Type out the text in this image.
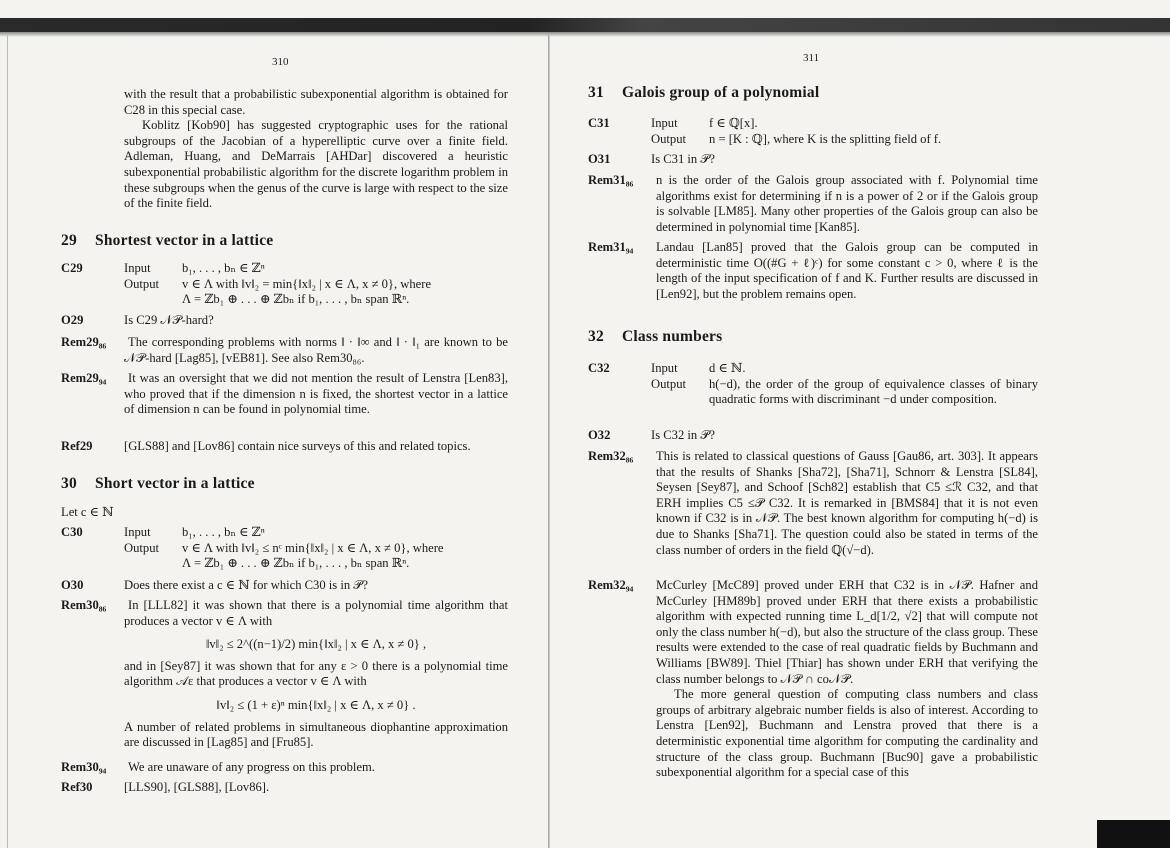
310
with the result that a probabilistic subexponential algorithm is obtained for C28 in this special case.
Koblitz [Kob90] has suggested cryptographic uses for the rational subgroups of the Jacobian of a hyperelliptic curve over a finite field. Adleman, Huang, and DeMarrais [AHDar] discovered a heuristic subexponential probabilistic algorithm for the discrete logarithm problem in these subgroups when the genus of the curve is large with respect to the size of the finite field.
29 Shortest vector in a lattice
C29	Input	b₁, . . . , bₙ ∈ ℤⁿ
Output	v ∈ Λ with ‖v‖₂ = min{‖x‖₂ | x ∈ Λ, x ≠ 0}, where
Λ = ℤb₁ ⊕ . . . ⊕ ℤbₙ if b₁, . . . , bₙ span ℝⁿ.
O29	Is C29 𝒩𝒫-hard?
Rem29₈₆	The corresponding problems with norms ‖ · ‖∞ and ‖ · ‖₁ are known to be 𝒩𝒫-hard [Lag85], [vEB81]. See also Rem30₈₆.
Rem29₉₄	It was an oversight that we did not mention the result of Lenstra [Len83], who proved that if the dimension n is fixed, the shortest vector in a lattice of dimension n can be found in polynomial time.
Ref29	[GLS88] and [Lov86] contain nice surveys of this and related topics.
30 Short vector in a lattice
Let c ∈ ℕ
C30	Input	b₁, . . . , bₙ ∈ ℤⁿ
Output	v ∈ Λ with ‖v‖₂ ≤ nᶜ min{‖x‖₂ | x ∈ Λ, x ≠ 0}, where
Λ = ℤb₁ ⊕ . . . ⊕ ℤbₙ if b₁, . . . , bₙ span ℝⁿ.
O30	Does there exist a c ∈ ℕ for which C30 is in 𝒫?
Rem30₈₆	In [LLL82] it was shown that there is a polynomial time algorithm that produces a vector v ∈ Λ with
‖v‖₂ ≤ 2^((n−1)/2) min{‖x‖₂ | x ∈ Λ, x ≠ 0} ,
and in [Sey87] it was shown that for any ε > 0 there is a polynomial time algorithm 𝒜ε that produces a vector v ∈ Λ with
‖v‖₂ ≤ (1 + ε)ⁿ min{‖x‖₂ | x ∈ Λ, x ≠ 0} .
A number of related problems in simultaneous diophantine approximation are discussed in [Lag85] and [Fru85].
Rem30₉₄ We are unaware of any progress on this problem.
Ref30	[LLS90], [GLS88], [Lov86].
311
31 Galois group of a polynomial
C31	Input	f ∈ ℚ[x].
Output	n = [K : ℚ], where K is the splitting field of f.
O31	Is C31 in 𝒫?
Rem31₈₆	n is the order of the Galois group associated with f. Polynomial time algorithms exist for determining if n is a power of 2 or if the Galois group is solvable [LM85]. Many other properties of the Galois group can also be determined in polynomial time [Kan85].
Rem31₉₄	Landau [Lan85] proved that the Galois group can be computed in deterministic time O((#G + ℓ)ᶜ) for some constant c > 0, where ℓ is the length of the input specification of f and K. Further results are discussed in [Len92], but the problem remains open.
32 Class numbers
C32	Input	d ∈ ℕ.
Output	h(−d), the order of the group of equivalence classes of binary quadratic forms with discriminant −d under composition.
O32	Is C32 in 𝒫?
Rem32₈₆	This is related to classical questions of Gauss [Gau86, art. 303]. It appears that the results of Shanks [Sha72], [Sha71], Schnorr & Lenstra [SL84], Seysen [Sey87], and Schoof [Sch82] establish that C5 ≤ℛ C32, and that ERH implies C5 ≤𝒫 C32. It is remarked in [BMS84] that it is not even known if C32 is in 𝒩𝒫. The best known algorithm for computing h(−d) is due to Shanks [Sha71]. The question could also be stated in terms of the class number of orders in the field ℚ(√−d).
Rem32₉₄ McCurley [McC89] proved under ERH that C32 is in 𝒩𝒫. Hafner and McCurley [HM89b] proved under ERH that there exists a probabilistic algorithm with expected running time L_d[1/2, √2] that will compute not only the class number h(−d), but also the structure of the class group. These results were extended to the case of real quadratic fields by Buchmann and Williams [BW89]. Thiel [Thiar] has shown under ERH that verifying the class number belongs to 𝒩𝒫 ∩ co𝒩𝒫.
The more general question of computing class numbers and class groups of arbitrary algebraic number fields is also of interest. According to Lenstra [Len92], Buchmann and Lenstra proved that there is a deterministic exponential time algorithm for computing the cardinality and structure of the class group. Buchmann [Buc90] gave a probabilistic subexponential algorithm for a special case of this
